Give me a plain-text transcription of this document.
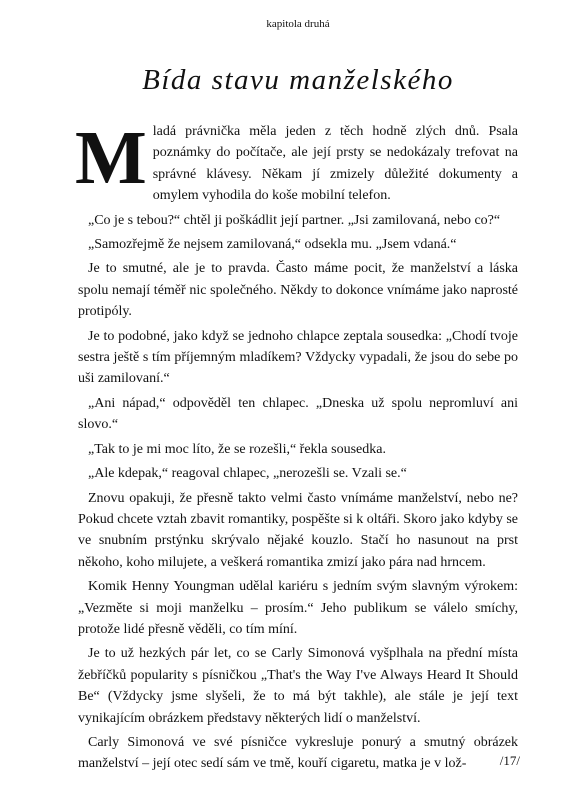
kapitola druhá
Bída stavu manželského

Mladá právnička měla jeden z těch hodně zlých dnů. Psala poznámky do počítače, ale její prsty se nedokázaly trefovat na správné klávesy. Někam jí zmizely důležité dokumenty a omylem vyhodila do koše mobilní telefon.

„Co je s tebou?“ chtěl ji poškádlit její partner. „Jsi zamilovaná, nebo co?“

„Samozřejmě že nejsem zamilovaná,“ odsekla mu. „Jsem vdaná.“

Je to smutné, ale je to pravda. Často máme pocit, že manželství a láska spolu nemají téměř nic společného. Někdy to dokonce vnímáme jako naprosté protipóly.

Je to podobné, jako když se jednoho chlapce zeptala sousedka: „Chodí tvoje sestra ještě s tím příjemným mladíkem? Vždycky vypadali, že jsou do sebe po uši zamilovaní.“

„Ani nápad,“ odpověděl ten chlapec. „Dneska už spolu nepromluví ani slovo.“

„Tak to je mi moc líto, že se rozešli,“ řekla sousedka.

„Ale kdepak,“ reagoval chlapec, „nerozešli se. Vzali se.“

Znovu opakuji, že přesně takto velmi často vnímáme manželství, nebo ne? Pokud chcete vztah zbavit romantiky, pospěšte si k oltáři. Skoro jako kdyby se ve snubním prstýnku skrývalo nějaké kouzlo. Stačí ho nasunout na prst někoho, koho milujete, a veškerá romantika zmizí jako pára nad hrncem.

Komik Henny Youngman udělal kariéru s jedním svým slavným výrokem: „Vezměte si moji manželku – prosím.“ Jeho publikum se válelo smíchy, protože lidé přesně věděli, co tím míní.

Je to už hezkých pár let, co se Carly Simonová vyšplhala na přední místa žebříčků popularity s písničkou „That's the Way I've Always Heard It Should Be“ (Vždycky jsme slyšeli, že to má být takhle), ale stále je její text vynikajícím obrázkem představy některých lidí o manželství.

Carly Simonová ve své písničce vykresluje ponurý a smutný obrázek manželství – její otec sedí sám ve tmě, kouří cigaretu, matka je v lož-	/17/
